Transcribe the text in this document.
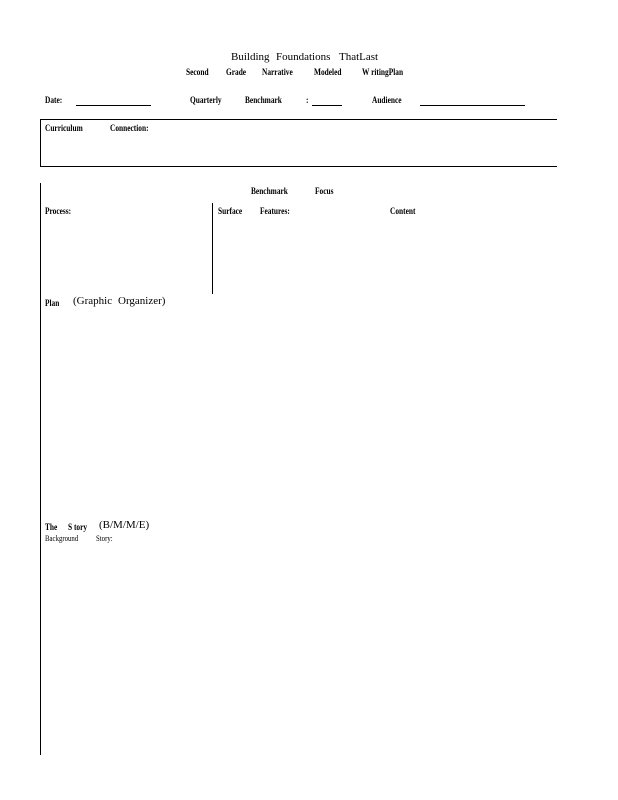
Building Foundations ThatLast
Second Grade Narrative Modeled W ritingPlan
Date:	Quarterly	Benchmark	:	Audience
Curriculum	Connection:
Benchmark	Focus
Process:	Surface Features:	Content
Plan (Graphic Organizer)
The S tory (B/M/M/E)
Background Story:
